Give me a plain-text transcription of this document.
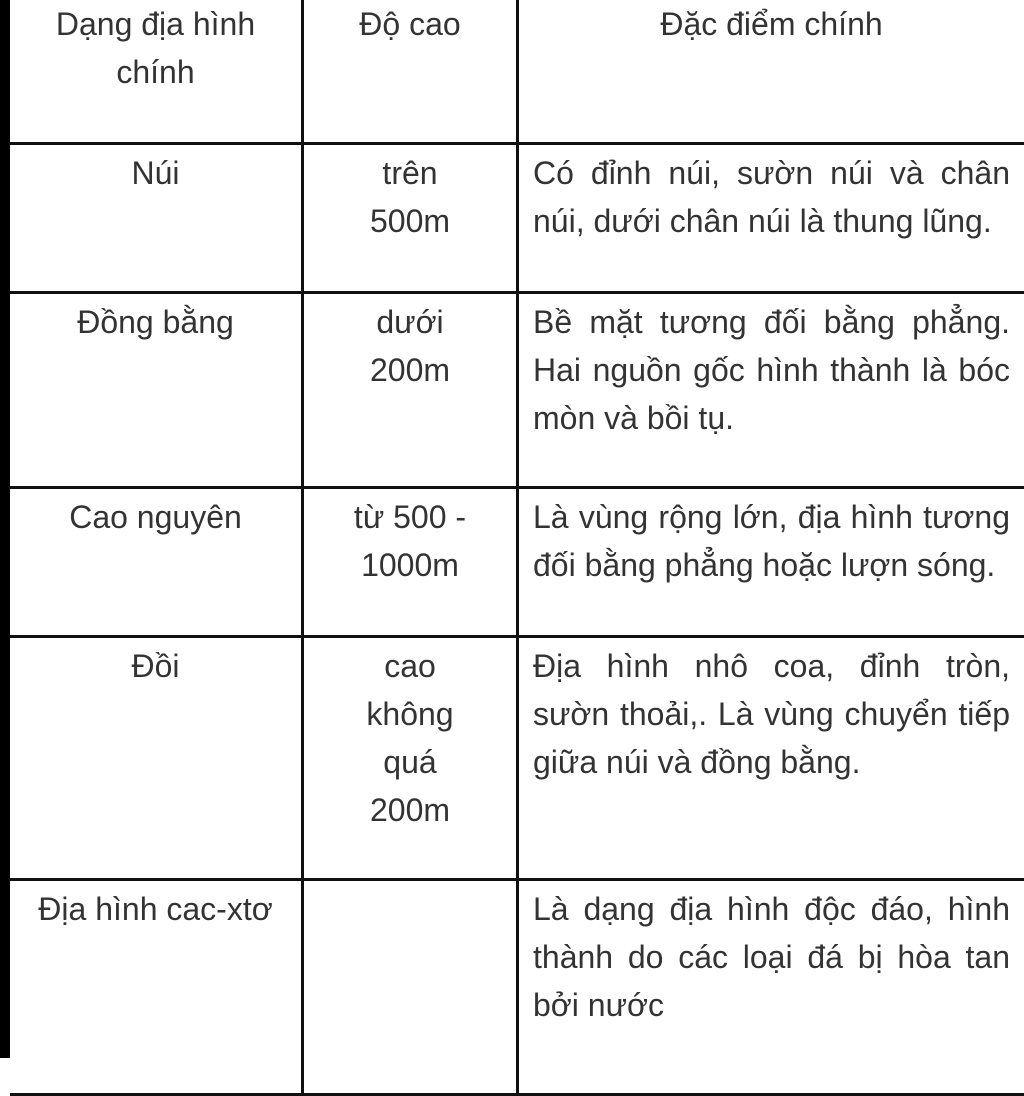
Dạng địa hình chính	Độ cao	Đặc điểm chính
Núi	trên 500m	Có đỉnh núi, sườn núi và chân núi, dưới chân núi là thung lũng.
Đồng bằng	dưới 200m	Bề mặt tương đối bằng phẳng. Hai nguồn gốc hình thành là bóc mòn và bồi tụ.
Cao nguyên	từ 500 - 1000m	Là vùng rộng lớn, địa hình tương đối bằng phẳng hoặc lượn sóng.
Đồi	cao không quá 200m	Địa hình nhô coa, đỉnh tròn, sườn thoải,. Là vùng chuyển tiếp giữa núi và đồng bằng.
Địa hình cac-xtơ		Là dạng địa hình độc đáo, hình thành do các loại đá bị hòa tan bởi nước
